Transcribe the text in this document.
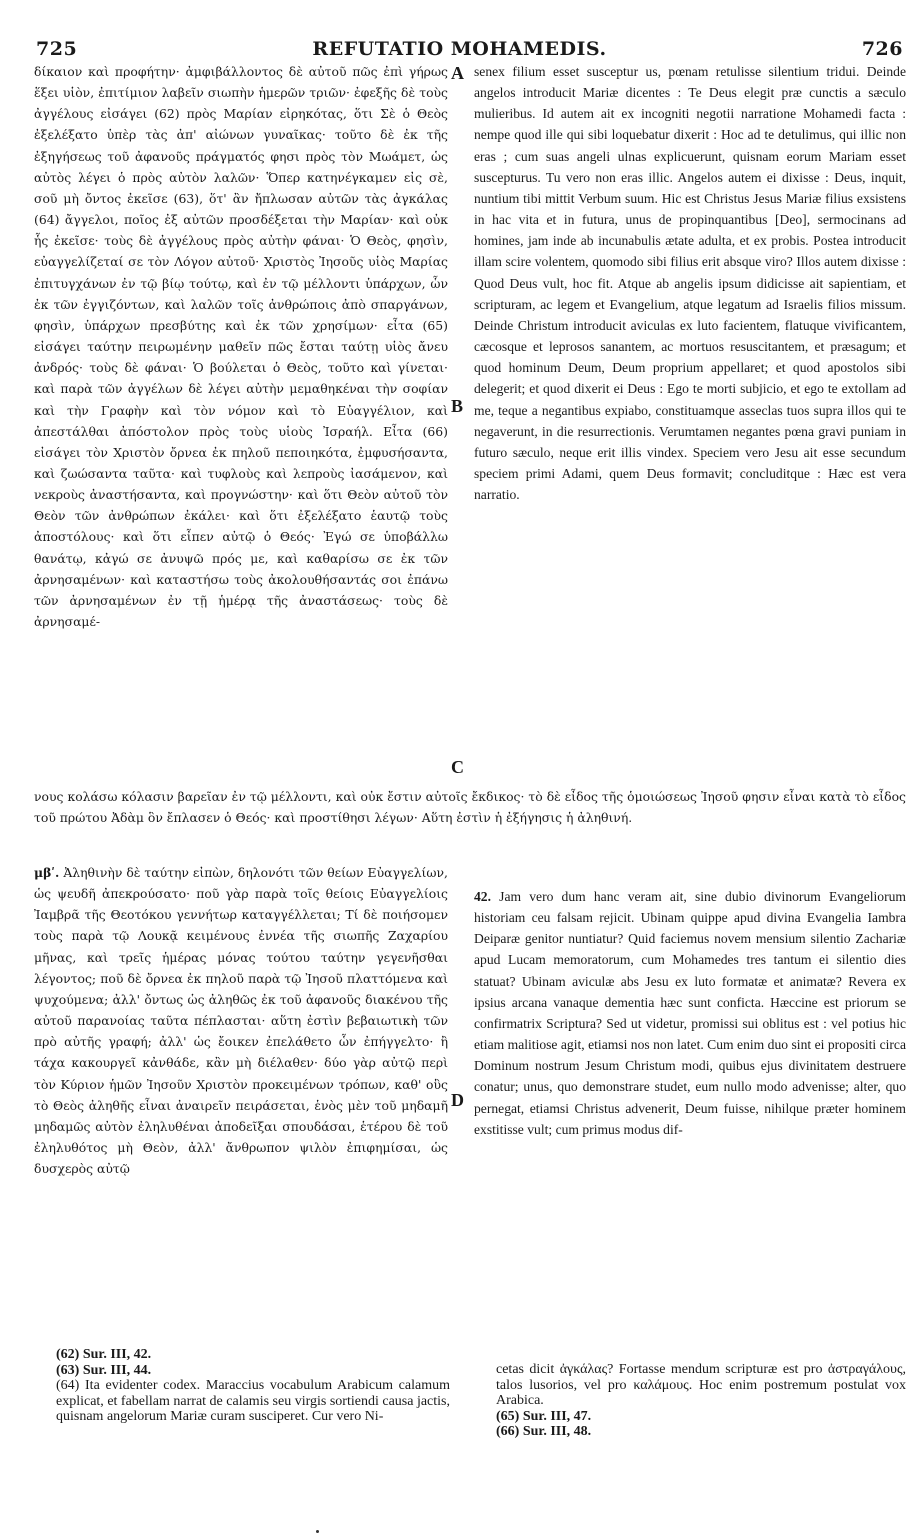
725	REFUTATIO MOHAMEDIS.	726

δίκαιον καὶ προφήτην· ἀμφιβάλλοντος δὲ αὐτοῦ πῶς ἐπὶ γήρως ἕξει υἱὸν, ἐπιτίμιον λαβεῖν σιωπὴν ἡμερῶν τριῶν· ἐφεξῆς δὲ τοὺς ἀγγέλους εἰσάγει (62) πρὸς Μαρίαν εἰρηκότας, ὅτι Σὲ ὁ Θεὸς ἐξελέξατο ὑπὲρ τὰς ἀπ' αἰώνων γυναῖκας· τοῦτο δὲ ἐκ τῆς ἐξηγήσεως τοῦ ἀφανοῦς πράγματός φησι πρὸς τὸν Μωάμετ, ὡς αὐτὸς λέγει ὁ πρὸς αὐτὸν λαλῶν· Ὅπερ κατηνέγκαμεν εἰς σὲ, σοῦ μὴ ὄντος ἐκεῖσε (63), ὅτ' ἂν ἤπλωσαν αὐτῶν τὰς ἀγκάλας (64) ἄγγελοι, ποῖος ἐξ αὐτῶν προσδέξεται τὴν Μαρίαν· καὶ οὐκ ἧς ἐκεῖσε· τοὺς δὲ ἀγγέλους πρὸς αὐτὴν φάναι· Ὁ Θεὸς, φησὶν, εὐαγγελίζεταί σε τὸν Λόγον αὐτοῦ· Χριστὸς Ἰησοῦς υἱὸς Μαρίας ἐπιτυγχάνων ἐν τῷ βίῳ τούτῳ, καὶ ἐν τῷ μέλλοντι ὑπάρχων, ὧν ἐκ τῶν ἐγγιζόντων, καὶ λαλῶν τοῖς ἀνθρώποις ἀπὸ σπαργάνων, φησὶν, ὑπάρχων πρεσβύτης καὶ ἐκ τῶν χρησίμων· εἶτα (65) εἰσάγει ταύτην πειρωμένην μαθεῖν πῶς ἔσται ταύτῃ υἱὸς ἄνευ ἀνδρός· τοὺς δὲ φάναι· Ὁ βούλεται ὁ Θεὸς, τοῦτο καὶ γίνεται· καὶ παρὰ τῶν ἀγγέλων δὲ λέγει αὐτὴν μεμαθηκέναι τὴν σοφίαν καὶ τὴν Γραφὴν καὶ τὸν νόμον καὶ τὸ Εὐαγγέλιον, καὶ ἀπεστάλθαι ἀπόστολον πρὸς τοὺς υἱοὺς Ἰσραήλ. Εἶτα (66) εἰσάγει τὸν Χριστὸν ὄρνεα ἐκ πηλοῦ πεποιηκότα, ἐμφυσήσαντα, καὶ ζωώσαντα ταῦτα· καὶ τυφλοὺς καὶ λεπροὺς ἰασάμενον, καὶ νεκροὺς ἀναστήσαντα, καὶ προγνώστην· καὶ ὅτι Θεὸν αὐτοῦ τὸν Θεὸν τῶν ἀνθρώπων ἐκάλει· καὶ ὅτι ἐξελέξατο ἑαυτῷ τοὺς ἀποστόλους· καὶ ὅτι εἶπεν αὐτῷ ὁ Θεός· Ἐγώ σε ὑποβάλλω θανάτῳ, κἀγώ σε ἀνυψῶ πρός με, καὶ καθαρίσω σε ἐκ τῶν ἀρνησαμένων· καὶ καταστήσω τοὺς ἀκολουθήσαντάς σοι ἐπάνω τῶν ἀρνησαμένων ἐν τῇ ἡμέρᾳ τῆς ἀναστάσεως· τοὺς δὲ ἀρνησαμέ-

senex filium esset susceptur us, pœnam retulisse silentium tridui. Deinde angelos introducit Mariæ dicentes : Te Deus elegit præ cunctis a sæculo mulieribus. Id autem ait ex incogniti negotii narratione Mohamedi facta : nempe quod ille qui sibi loquebatur dixerit : Hoc ad te detulimus, qui illic non eras ; cum suas angeli ulnas explicuerunt, quisnam eorum Mariam esset suscepturus. Tu vero non eras illic. Angelos autem ei dixisse : Deus, inquit, nuntium tibi mittit Verbum suum. Hic est Christus Jesus Mariæ filius exsistens in hac vita et in futura, unus de propinquantibus [Deo], sermocinans ad homines, jam inde ab incunabulis ætate adulta, et ex probis. Postea introducit illam scire volentem, quomodo sibi filius erit absque viro? Illos autem dixisse : Quod Deus vult, hoc fit. Atque ab angelis ipsum didicisse ait sapientiam, et scripturam, ac legem et Evangelium, atque legatum ad Israelis filios missum. Deinde Christum introducit aviculas ex luto facientem, flatuque vivificantem, cæcosque et leprosos sanantem, ac mortuos resuscitantem, et præsagum; et quod hominum Deum, Deum proprium appellaret; et quod apostolos sibi delegerit; et quod dixerit ei Deus : Ego te morti subjicio, et ego te extollam ad me, teque a negantibus expiabo, constituamque asseclas tuos supra illos qui te negaverunt, in die resurrectionis. Verumtamen negantes pœna gravi puniam in futuro sæculo, neque erit illis vindex. Speciem vero Jesu ait esse secundum speciem primi Adami, quem Deus formavit; concluditque : Hæc est vera narratio.

A
B
C
D

νους κολάσω κόλασιν βαρεῖαν ἐν τῷ μέλλοντι, καὶ οὐκ ἔστιν αὐτοῖς ἔκδικος· τὸ δὲ εἶδος τῆς ὁμοιώσεως Ἰησοῦ φησιν εἶναι κατὰ τὸ εἶδος τοῦ πρώτου Ἀδὰμ ὃν ἔπλασεν ὁ Θεός· καὶ προστίθησι λέγων· Αὕτη ἐστὶν ἡ ἐξήγησις ἡ ἀληθινή.

μβʹ. Ἀληθινὴν δὲ ταύτην εἰπὼν, δηλονότι τῶν θείων Εὐαγγελίων, ὡς ψευδῆ ἀπεκρούσατο· ποῦ γὰρ παρὰ τοῖς θείοις Εὐαγγελίοις Ἰαμβρᾶ τῆς Θεοτόκου γεννήτωρ καταγγέλλεται; Τί δὲ ποιήσομεν τοὺς παρὰ τῷ Λουκᾷ κειμένους ἐννέα τῆς σιωπῆς Ζαχαρίου μῆνας, καὶ τρεῖς ἡμέρας μόνας τούτου ταύτην γεγενῆσθαι λέγοντος; ποῦ δὲ ὄρνεα ἐκ πηλοῦ παρὰ τῷ Ἰησοῦ πλαττόμενα καὶ ψυχούμενα; ἀλλ' ὄντως ὡς ἀληθῶς ἐκ τοῦ ἀφανοῦς διακένου τῆς αὐτοῦ παρανοίας ταῦτα πέπλασται· αὕτη ἐστὶν βεβαιωτικὴ τῶν πρὸ αὐτῆς γραφή; ἀλλ' ὡς ἔοικεν ἐπελάθετο ὧν ἐπήγγελτο· ἢ τάχα κακουργεῖ κἀνθάδε, κἂν μὴ διέλαθεν· δύο γὰρ αὐτῷ περὶ τὸν Κύριον ἡμῶν Ἰησοῦν Χριστὸν προκειμένων τρόπων, καθ' οὓς τὸ Θεὸς ἀληθῆς εἶναι ἀναιρεῖν πειράσεται, ἑνὸς μὲν τοῦ μηδαμῆ μηδαμῶς αὐτὸν ἐληλυθέναι ἀποδεῖξαι σπουδάσαι, ἑτέρου δὲ τοῦ ἐληλυθότος μὴ Θεὸν, ἀλλ' ἄνθρωπον ψιλὸν ἐπιφημίσαι, ὡς δυσχερὸς αὐτῷ

42. Jam vero dum hanc veram ait, sine dubio divinorum Evangeliorum historiam ceu falsam rejicit. Ubinam quippe apud divina Evangelia Iambra Deiparæ genitor nuntiatur? Quid faciemus novem mensium silentio Zachariæ apud Lucam memoratorum, cum Mohamedes tres tantum ei silentio dies statuat? Ubinam aviculæ abs Jesu ex luto formatæ et animatæ? Revera ex ipsius arcana vanaque dementia hæc sunt conficta. Hæccine est priorum se confirmatrix Scriptura? Sed ut videtur, promissi sui oblitus est : vel potius hic etiam malitiose agit, etiamsi nos non latet. Cum enim duo sint ei propositi circa Dominum nostrum Jesum Christum modi, quibus ejus divinitatem destruere conatur; unus, quo demonstrare studet, eum nullo modo advenisse; alter, quo pernegat, etiamsi Christus advenerit, Deum fuisse, nihilque præter hominem exstitisse vult; cum primus modus dif-

(62) Sur. III, 42.

(63) Sur. III, 44.

(64) Ita evidenter codex. Maraccius vocabulum Arabicum calamum explicat, et fabellam narrat de calamis seu virgis sortiendi causa jactis, quisnam angelorum Mariæ curam susciperet. Cur vero Ni-

cetas dicit ἀγκάλας? Fortasse mendum scripturæ est pro ἀστραγάλους, talos lusorios, vel pro καλάμους. Hoc enim postremum postulat vox Arabica.

(65) Sur. III, 47.

(66) Sur. III, 48.
